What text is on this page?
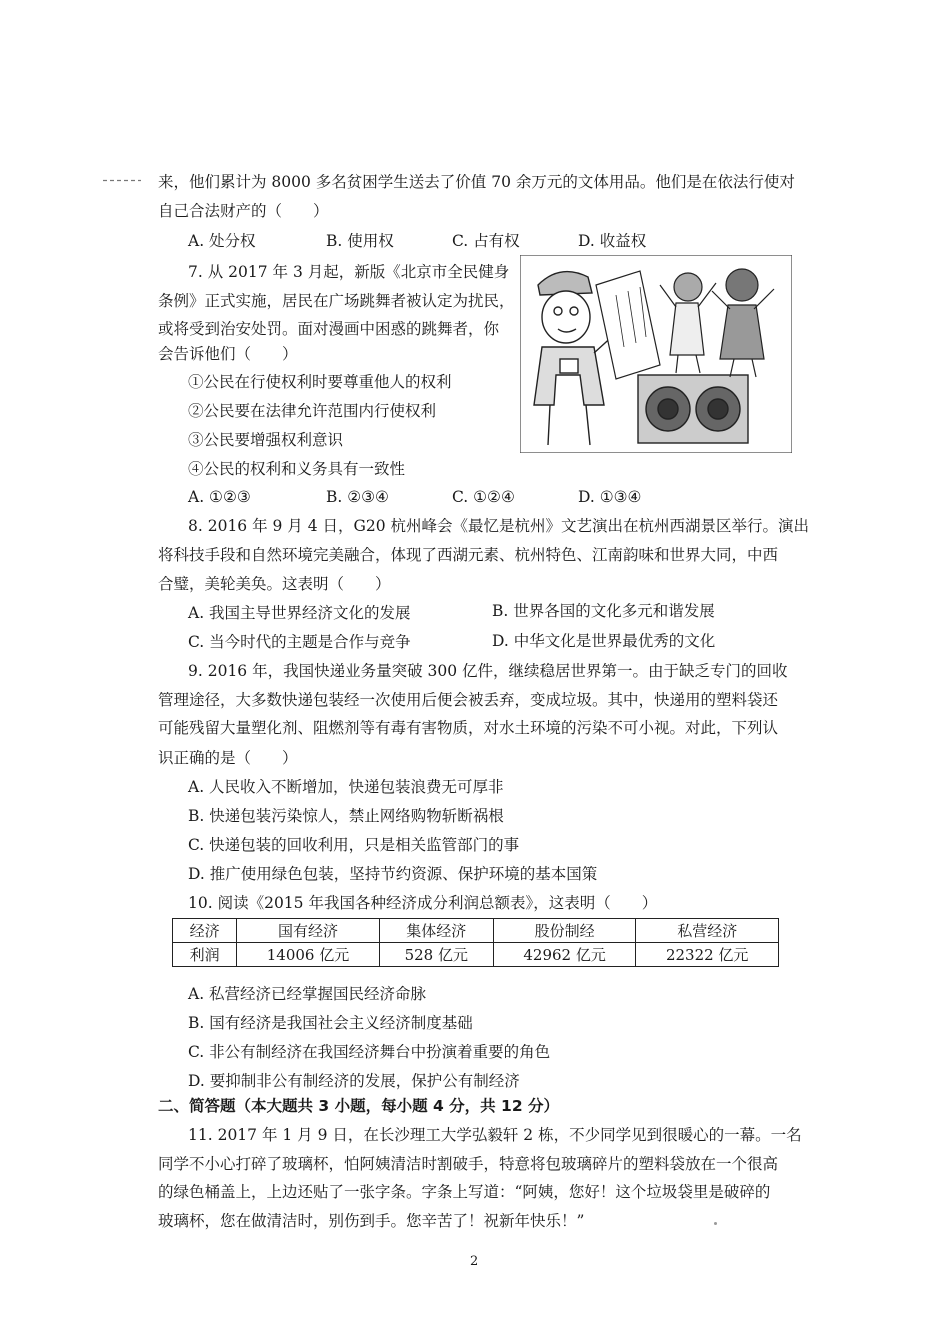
来，他们累计为 8000 多名贫困学生送去了价值 70 余万元的文体用品。他们是在依法行使对
自己合法财产的（　　）
A. 处分权	B. 使用权	C. 占有权	D. 收益权
7. 从 2017 年 3 月起，新版《北京市全民健身
条例》正式实施，居民在广场跳舞者被认定为扰民，
或将受到治安处罚。面对漫画中困惑的跳舞者，你
会告诉他们（　　）
①公民在行使权利时要尊重他人的权利
②公民要在法律允许范围内行使权利
③公民要增强权利意识
④公民的权利和义务具有一致性
A. ①②③	B. ②③④	C. ①②④	D. ①③④
8. 2016 年 9 月 4 日，G20 杭州峰会《最忆是杭州》文艺演出在杭州西湖景区举行。演出
将科技手段和自然环境完美融合，体现了西湖元素、杭州特色、江南韵味和世界大同，中西
合璧，美轮美奂。这表明（　　）
A. 我国主导世界经济文化的发展	B. 世界各国的文化多元和谐发展
C. 当今时代的主题是合作与竞争	D. 中华文化是世界最优秀的文化
9. 2016 年，我国快递业务量突破 300 亿件，继续稳居世界第一。由于缺乏专门的回收
管理途径，大多数快递包装经一次使用后便会被丢弃，变成垃圾。其中，快递用的塑料袋还
可能残留大量塑化剂、阻燃剂等有毒有害物质，对水土环境的污染不可小视。对此，下列认
识正确的是（　　）
A. 人民收入不断增加，快递包装浪费无可厚非
B. 快递包装污染惊人，禁止网络购物斩断祸根
C. 快递包装的回收利用，只是相关监管部门的事
D. 推广使用绿色包装，坚持节约资源、保护环境的基本国策
10. 阅读《2015 年我国各种经济成分利润总额表》，这表明（　　）
经济	国有经济	集体经济	股份制经	私营经济
利润	14006 亿元	528 亿元	42962 亿元	22322 亿元
A. 私营经济已经掌握国民经济命脉
B. 国有经济是我国社会主义经济制度基础
C. 非公有制经济在我国经济舞台中扮演着重要的角色
D. 要抑制非公有制经济的发展，保护公有制经济
二、简答题（本大题共 3 小题，每小题 4 分，共 12 分）
11. 2017 年 1 月 9 日，在长沙理工大学弘毅轩 2 栋，不少同学见到很暖心的一幕。一名
同学不小心打碎了玻璃杯，怕阿姨清洁时割破手，特意将包玻璃碎片的塑料袋放在一个很高
的绿色桶盖上，上边还贴了一张字条。字条上写道：“阿姨，您好！这个垃圾袋里是破碎的
玻璃杯，您在做清洁时，别伤到手。您辛苦了！祝新年快乐！”
2
